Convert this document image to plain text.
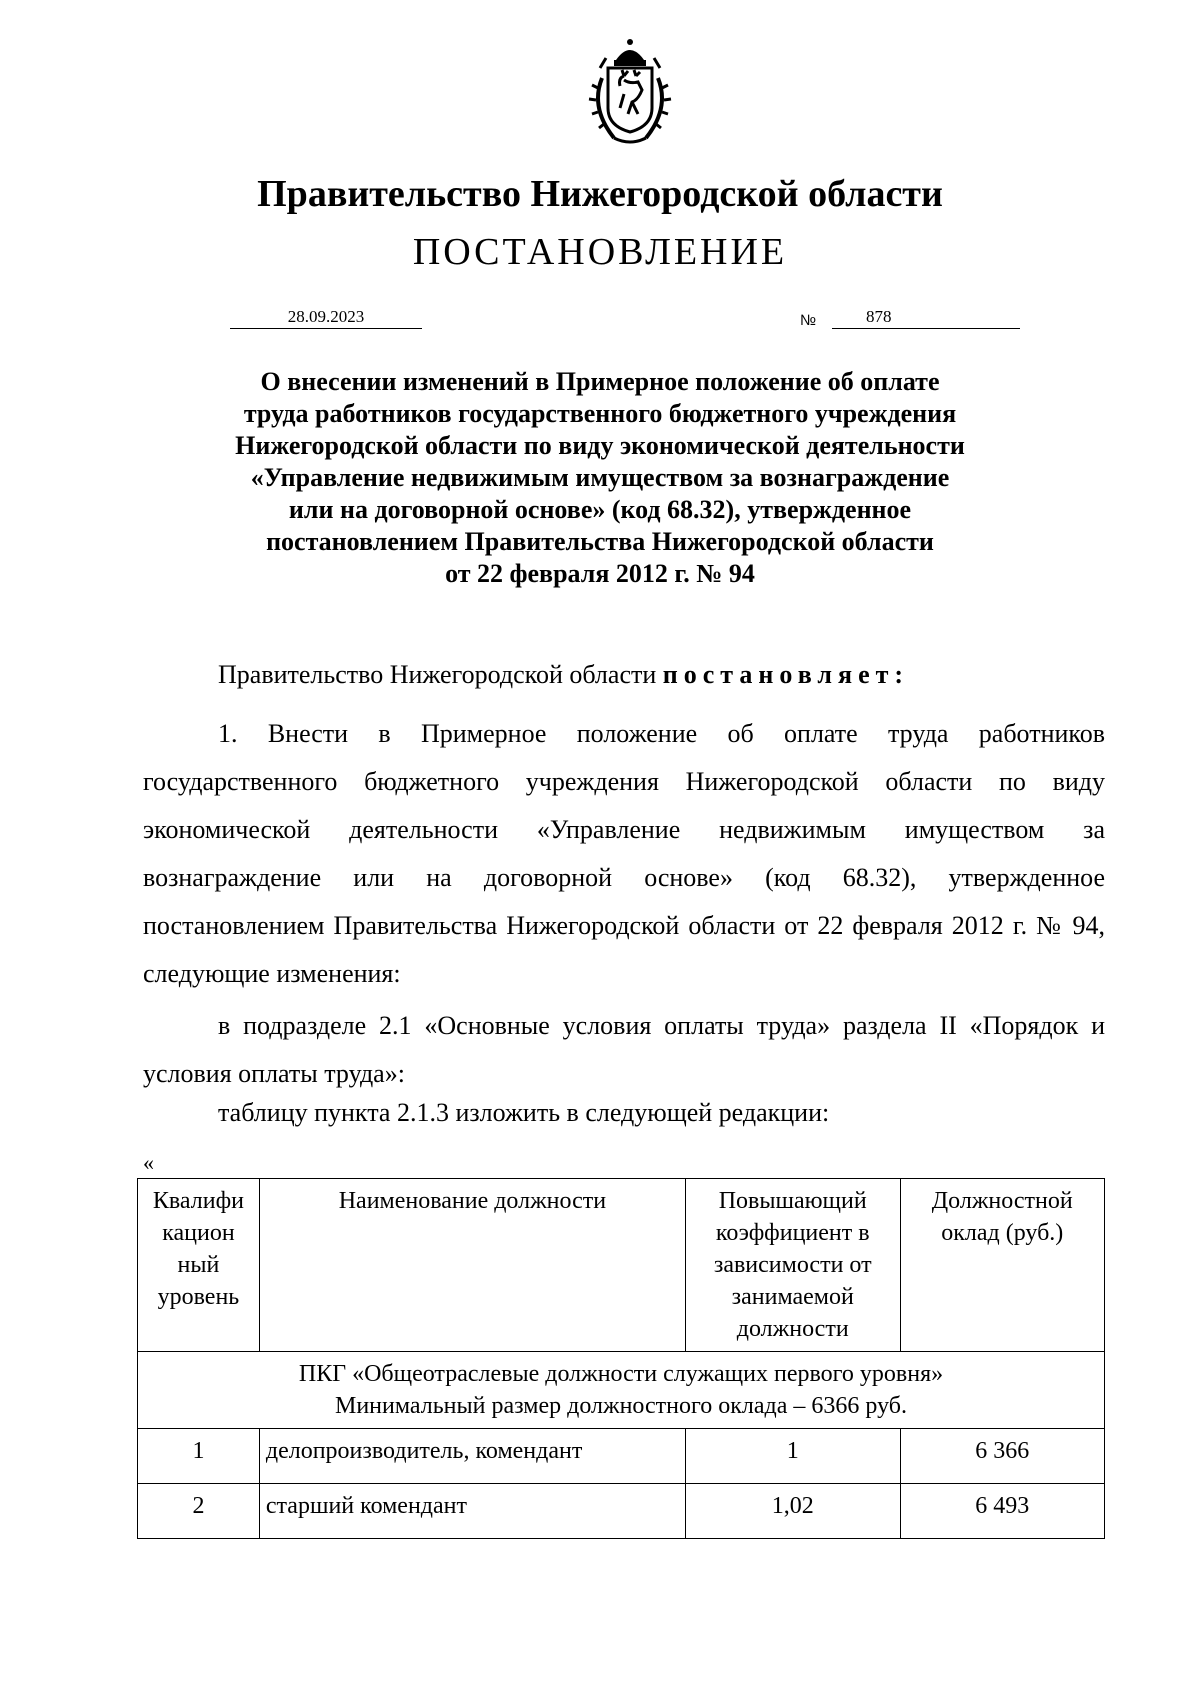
Правительство Нижегородской области
ПОСТАНОВЛЕНИЕ
28.09.2023	№	878
О внесении изменений в Примерное положение об оплате
труда работников государственного бюджетного учреждения
Нижегородской области по виду экономической деятельности
«Управление недвижимым имуществом за вознаграждение
или на договорной основе» (код 68.32), утвержденное
постановлением Правительства Нижегородской области
от 22 февраля 2012 г. № 94
Правительство Нижегородской области постановляет:
1. Внести в Примерное положение об оплате труда работников государственного бюджетного учреждения Нижегородской области по виду экономической деятельности «Управление недвижимым имуществом за вознаграждение или на договорной основе» (код 68.32), утвержденное постановлением Правительства Нижегородской области от 22 февраля 2012 г. № 94, следующие изменения:
в подразделе 2.1 «Основные условия оплаты труда» раздела II «Порядок и условия оплаты труда»:
таблицу пункта 2.1.3 изложить в следующей редакции:
«
Квалифи кацион ный уровень	Наименование должности	Повышающий коэффициент в зависимости от занимаемой должности	Должностной оклад (руб.)

ПКГ «Общеотраслевые должности служащих первого уровня»
Минимальный размер должностного оклада – 6366 руб.			

1	делопроизводитель, комендант	1	6 366
2	старший комендант	1,02	6 493
